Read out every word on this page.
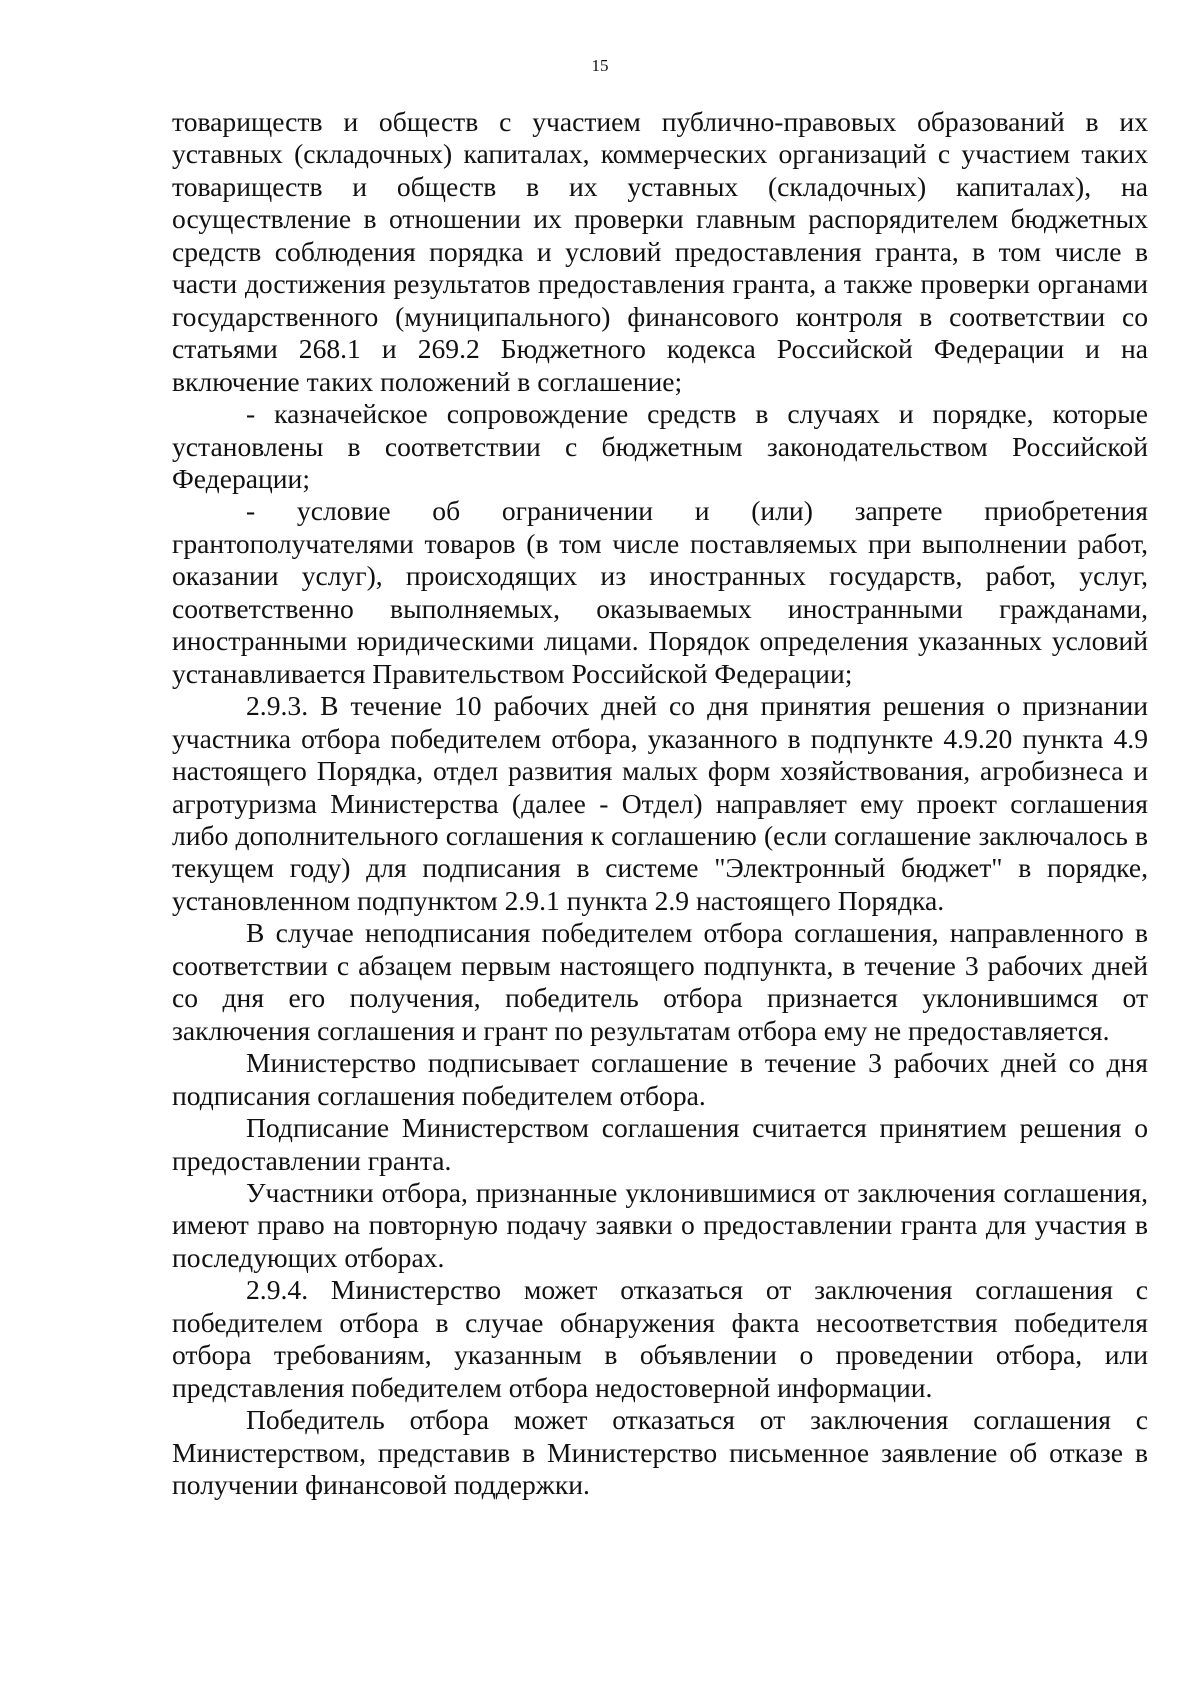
15

товариществ и обществ с участием публично-правовых образований в их уставных (складочных) капиталах, коммерческих организаций с участием таких товариществ и обществ в их уставных (складочных) капиталах), на осуществление в отношении их проверки главным распорядителем бюджетных средств соблюдения порядка и условий предоставления гранта, в том числе в части достижения результатов предоставления гранта, а также проверки органами государственного (муниципального) финансового контроля в соответствии со статьями 268.1 и 269.2 Бюджетного кодекса Российской Федерации и на включение таких положений в соглашение;

- казначейское сопровождение средств в случаях и порядке, которые установлены в соответствии с бюджетным законодательством Российской Федерации;

- условие об ограничении и (или) запрете приобретения грантополучателями товаров (в том числе поставляемых при выполнении работ, оказании услуг), происходящих из иностранных государств, работ, услуг, соответственно выполняемых, оказываемых иностранными гражданами, иностранными юридическими лицами. Порядок определения указанных условий устанавливается Правительством Российской Федерации;

2.9.3. В течение 10 рабочих дней со дня принятия решения о признании участника отбора победителем отбора, указанного в подпункте 4.9.20 пункта 4.9 настоящего Порядка, отдел развития малых форм хозяйствования, агробизнеса и агротуризма Министерства (далее - Отдел) направляет ему проект соглашения либо дополнительного соглашения к соглашению (если соглашение заключалось в текущем году) для подписания в системе "Электронный бюджет" в порядке, установленном подпунктом 2.9.1 пункта 2.9 настоящего Порядка.

В случае неподписания победителем отбора соглашения, направленного в соответствии с абзацем первым настоящего подпункта, в течение 3 рабочих дней со дня его получения, победитель отбора признается уклонившимся от заключения соглашения и грант по результатам отбора ему не предоставляется.

Министерство подписывает соглашение в течение 3 рабочих дней со дня подписания соглашения победителем отбора.

Подписание Министерством соглашения считается принятием решения о предоставлении гранта.

Участники отбора, признанные уклонившимися от заключения соглашения, имеют право на повторную подачу заявки о предоставлении гранта для участия в последующих отборах.

2.9.4. Министерство может отказаться от заключения соглашения с победителем отбора в случае обнаружения факта несоответствия победителя отбора требованиям, указанным в объявлении о проведении отбора, или представления победителем отбора недостоверной информации.

Победитель отбора может отказаться от заключения соглашения с Министерством, представив в Министерство письменное заявление об отказе в получении финансовой поддержки.
